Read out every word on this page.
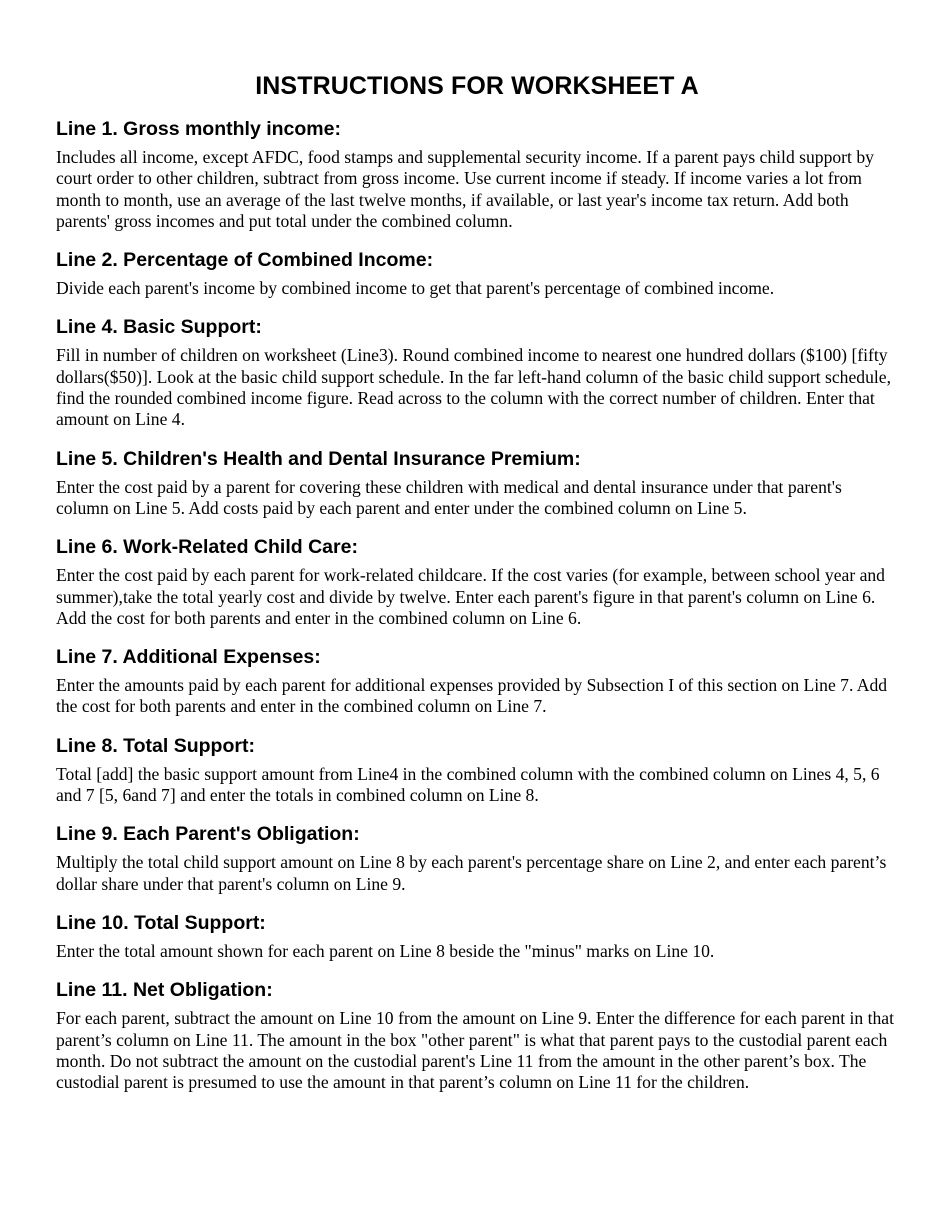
INSTRUCTIONS FOR WORKSHEET A
Line 1. Gross monthly income:

Includes all income, except AFDC, food stamps and supplemental security income. If a parent pays child support by court order to other children, subtract from gross income. Use current income if steady. If income varies a lot from month to month, use an average of the last twelve months, if available, or last year's income tax return. Add both parents' gross incomes and put total under the combined column.

Line 2. Percentage of Combined Income:

Divide each parent's income by combined income to get that parent's percentage of combined income.

Line 4. Basic Support:

Fill in number of children on worksheet (Line3). Round combined income to nearest one hundred dollars ($100) [fifty dollars($50)]. Look at the basic child support schedule. In the far left-hand column of the basic child support schedule, find the rounded combined income figure. Read across to the column with the correct number of children. Enter that amount on Line 4.

Line 5. Children's Health and Dental Insurance Premium:

Enter the cost paid by a parent for covering these children with medical and dental insurance under that parent's column on Line 5. Add costs paid by each parent and enter under the combined column on Line 5.

Line 6. Work-Related Child Care:

Enter the cost paid by each parent for work-related childcare. If the cost varies (for example, between school year and summer),take the total yearly cost and divide by twelve. Enter each parent's figure in that parent's column on Line 6. Add the cost for both parents and enter in the combined column on Line 6.

Line 7. Additional Expenses:

Enter the amounts paid by each parent for additional expenses provided by Subsection I of this section on Line 7. Add the cost for both parents and enter in the combined column on Line 7.

Line 8. Total Support:

Total [add] the basic support amount from Line4 in the combined column with the combined column on Lines 4, 5, 6 and 7 [5, 6and 7] and enter the totals in combined column on Line 8.

Line 9. Each Parent's Obligation:

Multiply the total child support amount on Line 8 by each parent's percentage share on Line 2, and enter each parent’s dollar share under that parent's column on Line 9.

Line 10. Total Support:

Enter the total amount shown for each parent on Line 8 beside the "minus" marks on Line 10.

Line 11. Net Obligation:

For each parent, subtract the amount on Line 10 from the amount on Line 9. Enter the difference for each parent in that parent’s column on Line 11. The amount in the box "other parent" is what that parent pays to the custodial parent each month. Do not subtract the amount on the custodial parent's Line 11 from the amount in the other parent’s box. The custodial parent is presumed to use the amount in that parent’s column on Line 11 for the children.
